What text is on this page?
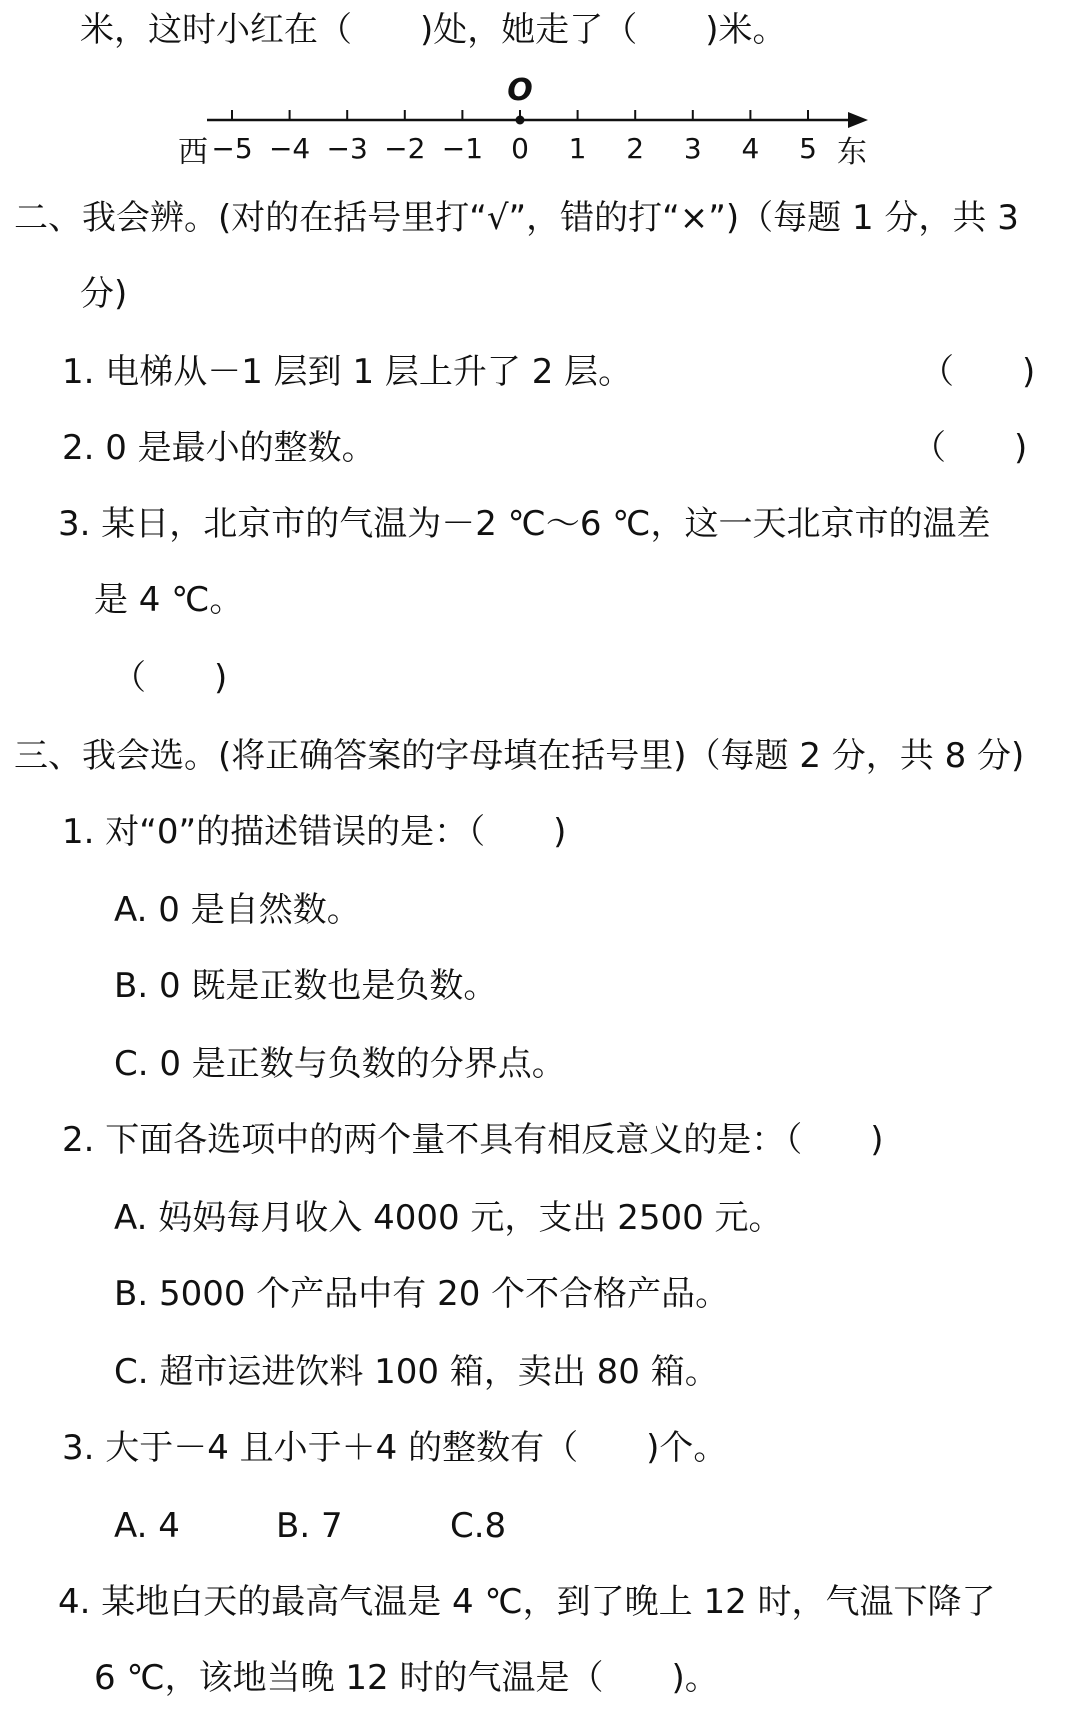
米，这时小红在（　　)处，她走了（　　)米。
O
西	东
−5 −4 −3 −2 −1 0 1 2 3 4 5
二、我会辨。(对的在括号里打“√”，错的打“×”)（每题 1 分，共 3
分)
1. 电梯从－1 层到 1 层上升了 2 层。	（　　)
2. 0 是最小的整数。	（　　)
3. 某日，北京市的气温为－2 ℃～6 ℃，这一天北京市的温差
是 4 ℃。
（　　)
三、我会选。(将正确答案的字母填在括号里)（每题 2 分，共 8 分)
1. 对“0”的描述错误的是：（　　)
A. 0 是自然数。
B. 0 既是正数也是负数。
C. 0 是正数与负数的分界点。
2. 下面各选项中的两个量不具有相反意义的是：（　　)
A. 妈妈每月收入 4000 元，支出 2500 元。
B. 5000 个产品中有 20 个不合格产品。
C. 超市运进饮料 100 箱，卖出 80 箱。
3. 大于－4 且小于＋4 的整数有（　　)个。
A. 4	B. 7	C.8
4. 某地白天的最高气温是 4 ℃，到了晚上 12 时，气温下降了
6 ℃，该地当晚 12 时的气温是（　　)。
